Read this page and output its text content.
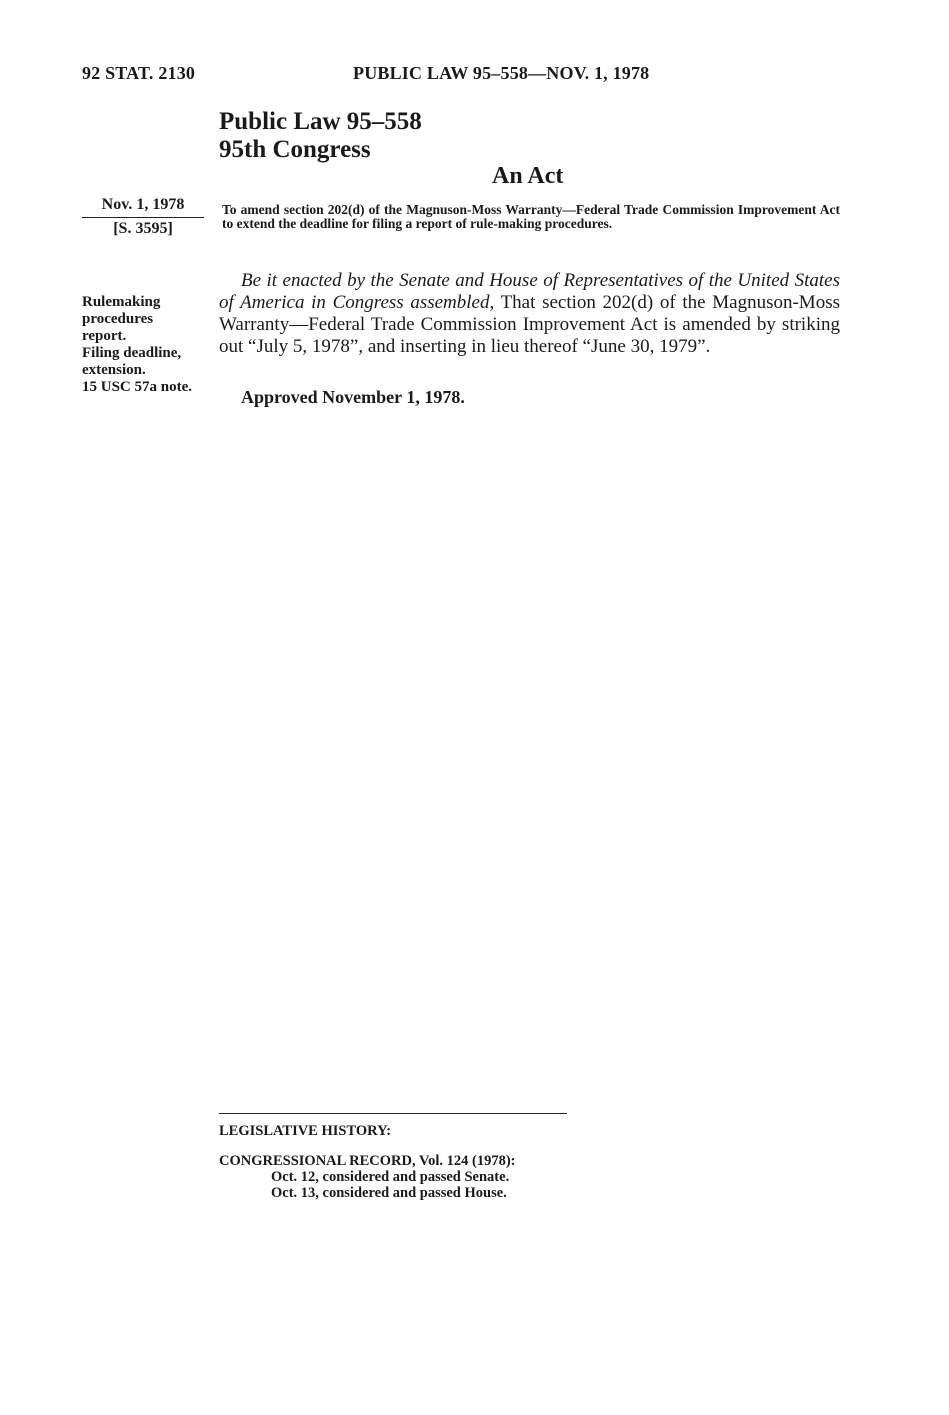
92 STAT. 2130	PUBLIC LAW 95–558—NOV. 1, 1978
Public Law 95–558
95th Congress
An Act
Nov. 1, 1978
[S. 3595]
To amend section 202(d) of the Magnuson-Moss Warranty—Federal Trade Commission Improvement Act to extend the deadline for filing a report of rule-making procedures.
Rulemaking
procedures
report.
Filing deadline,
extension.
15 USC 57a note.
Be it enacted by the Senate and House of Representatives of the United States of America in Congress assembled, That section 202(d) of the Magnuson-Moss Warranty—Federal Trade Commission Improvement Act is amended by striking out “July 5, 1978”, and inserting in lieu thereof “June 30, 1979”.
Approved November 1, 1978.
LEGISLATIVE HISTORY:
CONGRESSIONAL RECORD, Vol. 124 (1978):
Oct. 12, considered and passed Senate.
Oct. 13, considered and passed House.
